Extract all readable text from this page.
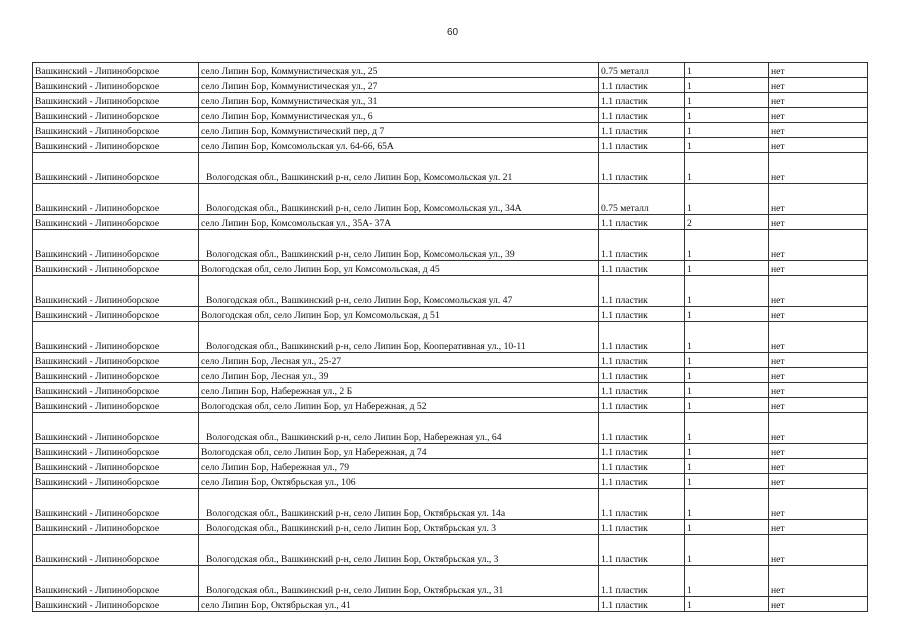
60
Вашкинский - Липиноборское	село Липин Бор, Коммунистическая ул., 25	0.75 металл	1	нет
Вашкинский - Липиноборское	село Липин Бор, Коммунистическая ул., 27	1.1 пластик	1	нет
Вашкинский - Липиноборское	село Липин Бор, Коммунистическая ул., 31	1.1 пластик	1	нет
Вашкинский - Липиноборское	село Липин Бор, Коммунистическая ул., 6	1.1 пластик	1	нет
Вашкинский - Липиноборское	село Липин Бор, Коммунистический пер, д 7	1.1 пластик	1	нет
Вашкинский - Липиноборское	село Липин Бор, Комсомольская ул. 64-66, 65А	1.1 пластик	1	нет
Вашкинский - Липиноборское	Вологодская обл., Вашкинский р-н, село Липин Бор, Комсомольская ул. 21	1.1 пластик	1	нет
Вашкинский - Липиноборское	Вологодская обл., Вашкинский р-н, село Липин Бор, Комсомольская ул., 34А	0.75 металл	1	нет
Вашкинский - Липиноборское	село Липин Бор, Комсомольская ул., 35А- 37А	1.1 пластик	2	нет
Вашкинский - Липиноборское	Вологодская обл., Вашкинский р-н, село Липин Бор, Комсомольская ул., 39	1.1 пластик	1	нет
Вашкинский - Липиноборское	Вологодская обл, село Липин Бор, ул Комсомольская, д 45	1.1 пластик	1	нет
Вашкинский - Липиноборское	Вологодская обл., Вашкинский р-н, село Липин Бор, Комсомольская ул. 47	1.1 пластик	1	нет
Вашкинский - Липиноборское	Вологодская обл, село Липин Бор, ул Комсомольская, д 51	1.1 пластик	1	нет
Вашкинский - Липиноборское	Вологодская обл., Вашкинский р-н, село Липин Бор, Кооперативная ул., 10-11	1.1 пластик	1	нет
Вашкинский - Липиноборское	село Липин Бор, Лесная ул., 25-27	1.1 пластик	1	нет
Вашкинский - Липиноборское	село Липин Бор, Лесная ул., 39	1.1 пластик	1	нет
Вашкинский - Липиноборское	село Липин Бор, Набережная ул., 2 Б	1.1 пластик	1	нет
Вашкинский - Липиноборское	Вологодская обл, село Липин Бор, ул Набережная, д 52	1.1 пластик	1	нет
Вашкинский - Липиноборское	Вологодская обл., Вашкинский р-н, село Липин Бор, Набережная ул., 64	1.1 пластик	1	нет
Вашкинский - Липиноборское	Вологодская обл, село Липин Бор, ул Набережная, д 74	1.1 пластик	1	нет
Вашкинский - Липиноборское	село Липин Бор, Набережная ул., 79	1.1 пластик	1	нет
Вашкинский - Липиноборское	село Липин Бор, Октябрьская ул., 106	1.1 пластик	1	нет
Вашкинский - Липиноборское	Вологодская обл., Вашкинский р-н, село Липин Бор, Октябрьская ул. 14а	1.1 пластик	1	нет
Вашкинский - Липиноборское	Вологодская обл., Вашкинский р-н, село Липин Бор, Октябрьская ул. 3	1.1 пластик	1	нет
Вашкинский - Липиноборское	Вологодская обл., Вашкинский р-н, село Липин Бор, Октябрьская ул., 3	1.1 пластик	1	нет
Вашкинский - Липиноборское	Вологодская обл., Вашкинский р-н, село Липин Бор, Октябрьская ул., 31	1.1 пластик	1	нет
Вашкинский - Липиноборское	село Липин Бор, Октябрьская ул., 41	1.1 пластик	1	нет
